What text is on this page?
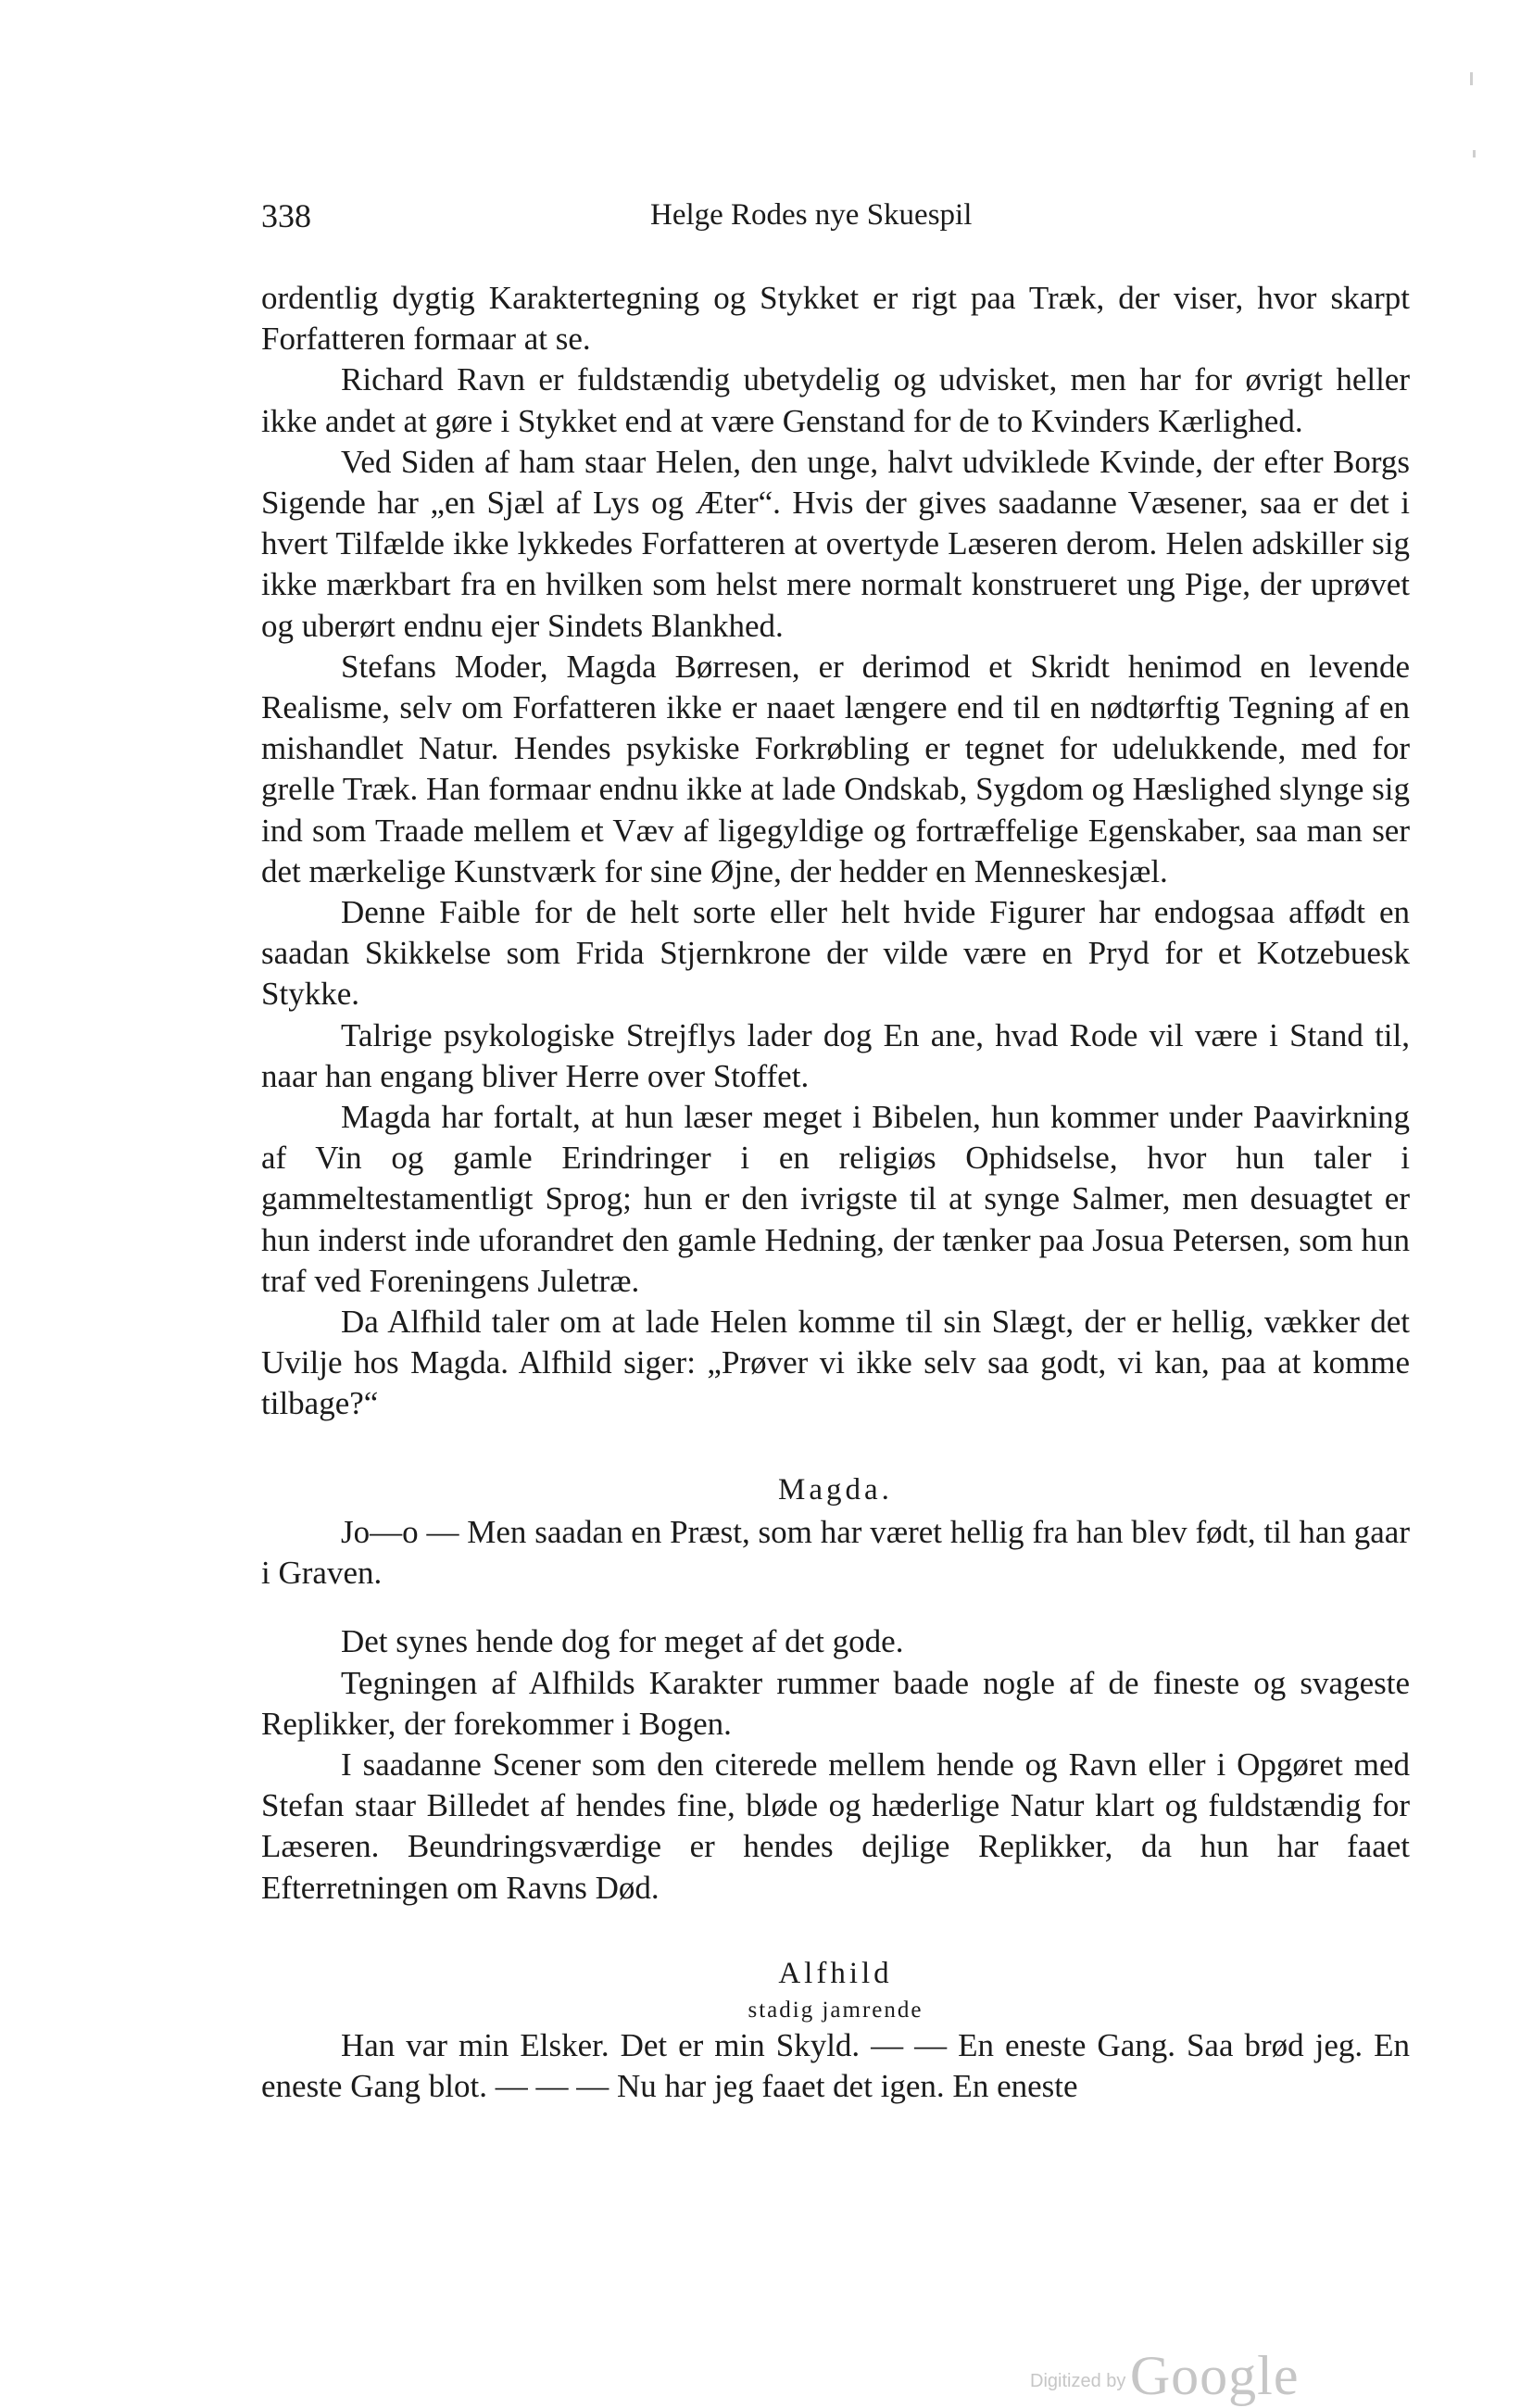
338	Helge Rodes nye Skuespil

ordentlig dygtig Karaktertegning og Stykket er rigt paa Træk, der viser, hvor skarpt Forfatteren formaar at se.

Richard Ravn er fuldstændig ubetydelig og udvisket, men har for øvrigt heller ikke andet at gøre i Stykket end at være Genstand for de to Kvinders Kærlighed.

Ved Siden af ham staar Helen, den unge, halvt udviklede Kvinde, der efter Borgs Sigende har „en Sjæl af Lys og Æter“. Hvis der gives saadanne Væsener, saa er det i hvert Tilfælde ikke lykkedes Forfatteren at overtyde Læseren derom. Helen adskiller sig ikke mærkbart fra en hvilken som helst mere normalt konstrueret ung Pige, der uprøvet og uberørt endnu ejer Sindets Blankhed.

Stefans Moder, Magda Børresen, er derimod et Skridt henimod en levende Realisme, selv om Forfatteren ikke er naaet længere end til en nødtørftig Tegning af en mishandlet Natur. Hendes psykiske Forkrøbling er tegnet for udelukkende, med for grelle Træk. Han formaar endnu ikke at lade Ondskab, Sygdom og Hæslighed slynge sig ind som Traade mellem et Væv af ligegyldige og fortræffelige Egenskaber, saa man ser det mærkelige Kunstværk for sine Øjne, der hedder en Menneskesjæl.

Denne Faible for de helt sorte eller helt hvide Figurer har endogsaa affødt en saadan Skikkelse som Frida Stjernkrone der vilde være en Pryd for et Kotzebuesk Stykke.

Talrige psykologiske Strejflys lader dog En ane, hvad Rode vil være i Stand til, naar han engang bliver Herre over Stoffet.

Magda har fortalt, at hun læser meget i Bibelen, hun kommer under Paavirkning af Vin og gamle Erindringer i en religiøs Ophidselse, hvor hun taler i gammeltestamentligt Sprog; hun er den ivrigste til at synge Salmer, men desuagtet er hun inderst inde uforandret den gamle Hedning, der tænker paa Josua Petersen, som hun traf ved Foreningens Juletræ.

Da Alfhild taler om at lade Helen komme til sin Slægt, der er hellig, vækker det Uvilje hos Magda. Alfhild siger: „Prøver vi ikke selv saa godt, vi kan, paa at komme tilbage?“

Magda.

Jo—o — Men saadan en Præst, som har været hellig fra han blev født, til han gaar i Graven.

Det synes hende dog for meget af det gode.

Tegningen af Alfhilds Karakter rummer baade nogle af de fineste og svageste Replikker, der forekommer i Bogen.

I saadanne Scener som den citerede mellem hende og Ravn eller i Opgøret med Stefan staar Billedet af hendes fine, bløde og hæderlige Natur klart og fuldstændig for Læseren. Beundringsværdige er hendes dejlige Replikker, da hun har faaet Efterretningen om Ravns Død.

Alfhild
stadig jamrende

Han var min Elsker. Det er min Skyld. — — En eneste Gang. Saa brød jeg. En eneste Gang blot. — — — Nu har jeg faaet det igen. En eneste

Digitized by Google
